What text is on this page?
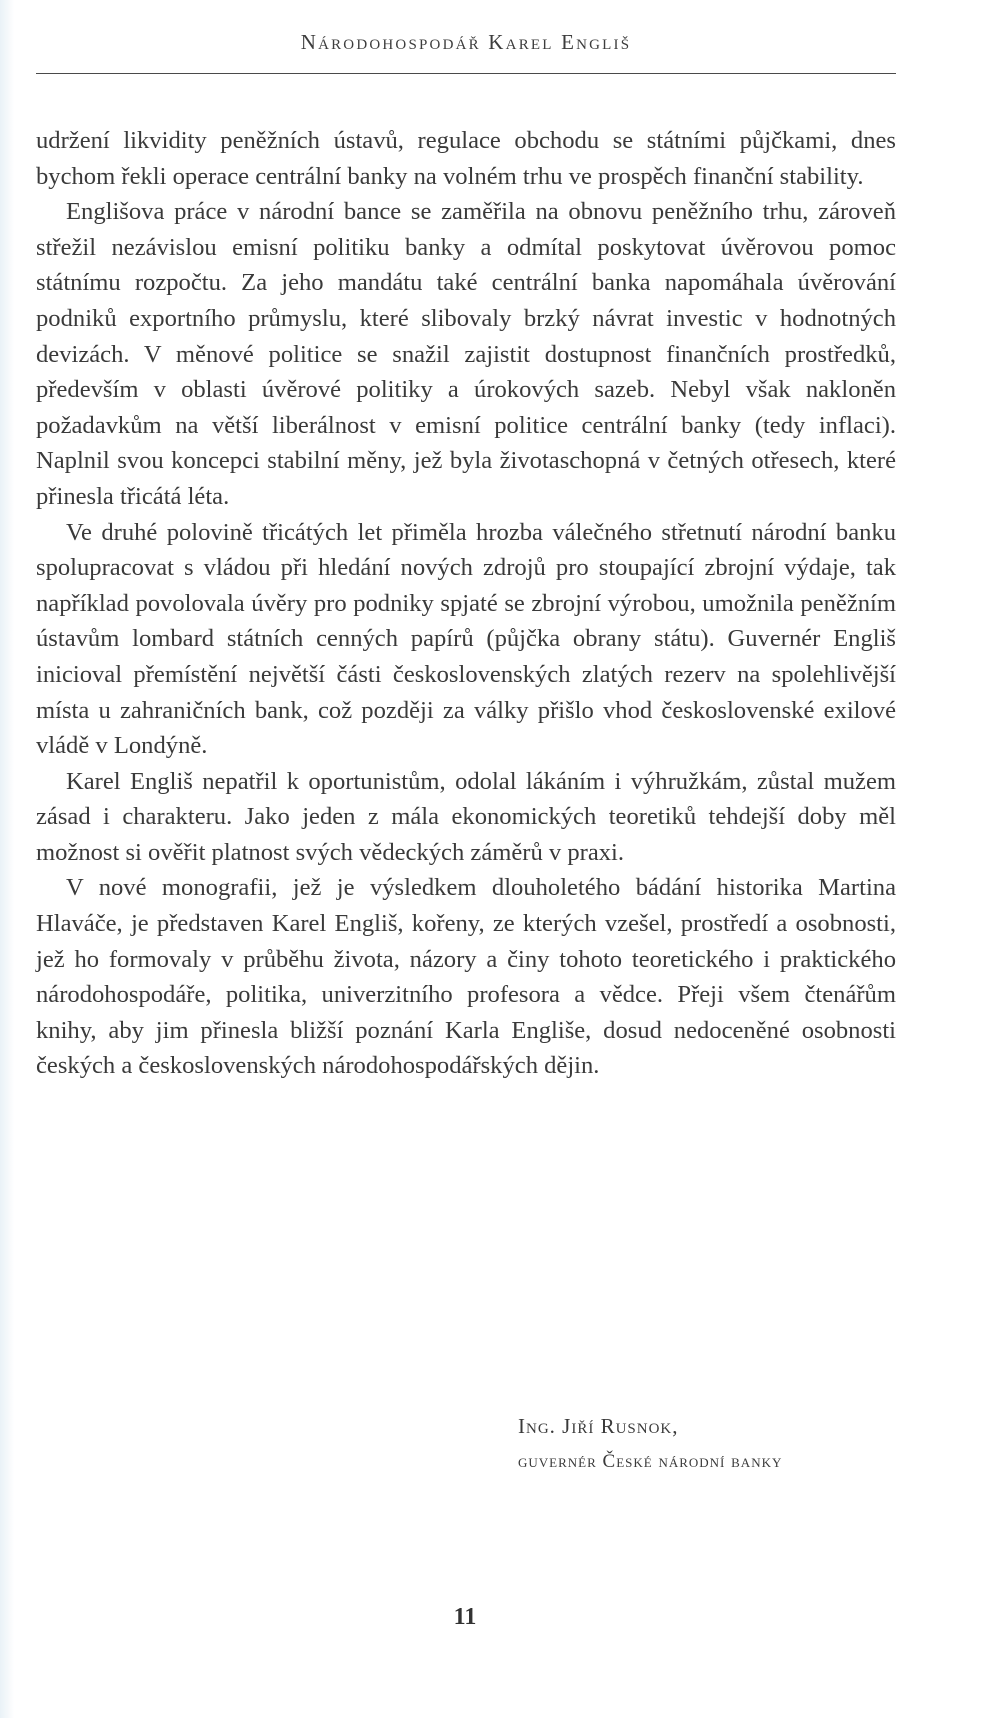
Národohospodář Karel Engliš

udržení likvidity peněžních ústavů, regulace obchodu se státními půjčkami, dnes bychom řekli operace centrální banky na volném trhu ve prospěch finanční stability.

Englišova práce v národní bance se zaměřila na obnovu peněžního trhu, zároveň střežil nezávislou emisní politiku banky a odmítal poskytovat úvěrovou pomoc státnímu rozpočtu. Za jeho mandátu také centrální banka napomáhala úvěrování podniků exportního průmyslu, které slibovaly brzký návrat investic v hodnotných devizách. V měnové politice se snažil zajistit dostupnost finančních prostředků, především v oblasti úvěrové politiky a úrokových sazeb. Nebyl však nakloněn požadavkům na větší liberálnost v emisní politice centrální banky (tedy inflaci). Naplnil svou koncepci stabilní měny, jež byla životaschopná v četných otřesech, které přinesla třicátá léta.

Ve druhé polovině třicátých let přiměla hrozba válečného střetnutí národní banku spolupracovat s vládou při hledání nových zdrojů pro stoupající zbrojní výdaje, tak například povolovala úvěry pro podniky spjaté se zbrojní výrobou, umožnila peněžním ústavům lombard státních cenných papírů (půjčka obrany státu). Guvernér Engliš inicioval přemístění největší části československých zlatých rezerv na spolehlivější místa u zahraničních bank, což později za války přišlo vhod československé exilové vládě v Londýně.

Karel Engliš nepatřil k oportunistům, odolal lákáním i výhružkám, zůstal mužem zásad i charakteru. Jako jeden z mála ekonomických teoretiků tehdejší doby měl možnost si ověřit platnost svých vědeckých záměrů v praxi.

V nové monografii, jež je výsledkem dlouholetého bádání historika Martina Hlaváče, je představen Karel Engliš, kořeny, ze kterých vzešel, prostředí a osobnosti, jež ho formovaly v průběhu života, názory a činy tohoto teoretického i praktického národohospodáře, politika, univerzitního profesora a vědce. Přeji všem čtenářům knihy, aby jim přinesla bližší poznání Karla Engliše, dosud nedoceněné osobnosti českých a československých národohospodářských dějin.

Ing. Jiří Rusnok,
guvernér České národní banky
11
